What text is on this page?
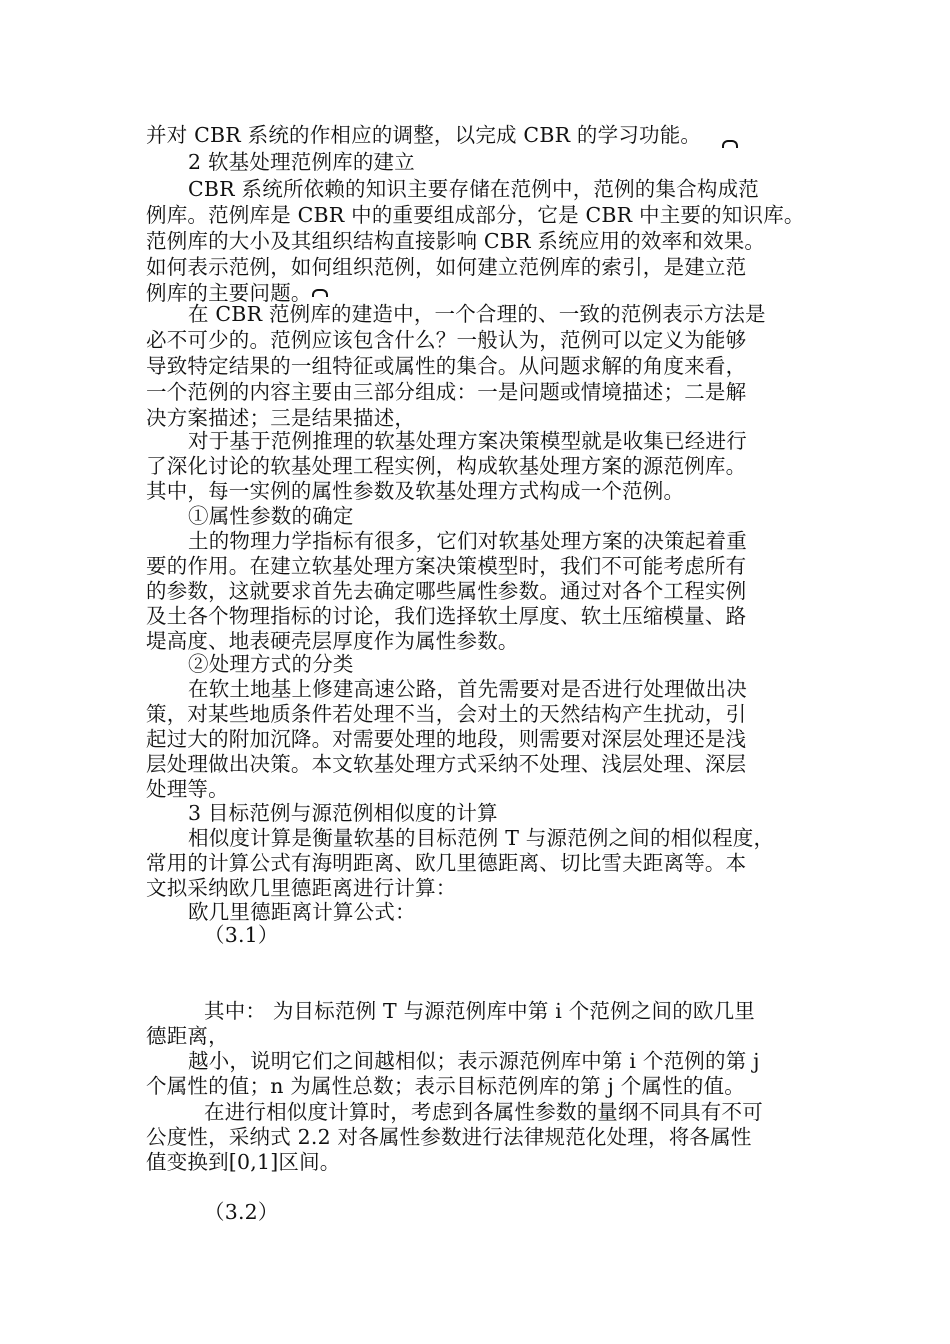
并对 CBR 系统的作相应的调整，以完成 CBR 的学习功能。
2 软基处理范例库的建立
CBR 系统所依赖的知识主要存储在范例中，范例的集合构成范
例库。范例库是 CBR 中的重要组成部分，它是 CBR 中主要的知识库。
范例库的大小及其组织结构直接影响 CBR 系统应用的效率和效果。
如何表示范例，如何组织范例，如何建立范例库的索引，是建立范
例库的主要问题。
在 CBR 范例库的建造中，一个合理的、一致的范例表示方法是
必不可少的。范例应该包含什么？一般认为，范例可以定义为能够
导致特定结果的一组特征或属性的集合。从问题求解的角度来看，
一个范例的内容主要由三部分组成：一是问题或情境描述；二是解
决方案描述；三是结果描述，
对于基于范例推理的软基处理方案决策模型就是收集已经进行
了深化讨论的软基处理工程实例，构成软基处理方案的源范例库。
其中，每一实例的属性参数及软基处理方式构成一个范例。
①属性参数的确定
土的物理力学指标有很多，它们对软基处理方案的决策起着重
要的作用。在建立软基处理方案决策模型时，我们不可能考虑所有
的参数，这就要求首先去确定哪些属性参数。通过对各个工程实例
及土各个物理指标的讨论，我们选择软土厚度、软土压缩模量、路
堤高度、地表硬壳层厚度作为属性参数。
②处理方式的分类
在软土地基上修建高速公路，首先需要对是否进行处理做出决
策，对某些地质条件若处理不当，会对土的天然结构产生扰动，引
起过大的附加沉降。对需要处理的地段，则需要对深层处理还是浅
层处理做出决策。本文软基处理方式采纳不处理、浅层处理、深层
处理等。
3 目标范例与源范例相似度的计算
相似度计算是衡量软基的目标范例 T 与源范例之间的相似程度，
常用的计算公式有海明距离、欧几里德距离、切比雪夫距离等。本
文拟采纳欧几里德距离进行计算：
欧几里德距离计算公式：
（3.1）
其中： 为目标范例 T 与源范例库中第 i 个范例之间的欧几里
德距离，
越小，说明它们之间越相似；表示源范例库中第 i 个范例的第 j
个属性的值；n 为属性总数；表示目标范例库的第 j 个属性的值。
在进行相似度计算时，考虑到各属性参数的量纲不同具有不可
公度性，采纳式 2.2 对各属性参数进行法律规范化处理，将各属性
值变换到[0,1]区间。
（3.2）
